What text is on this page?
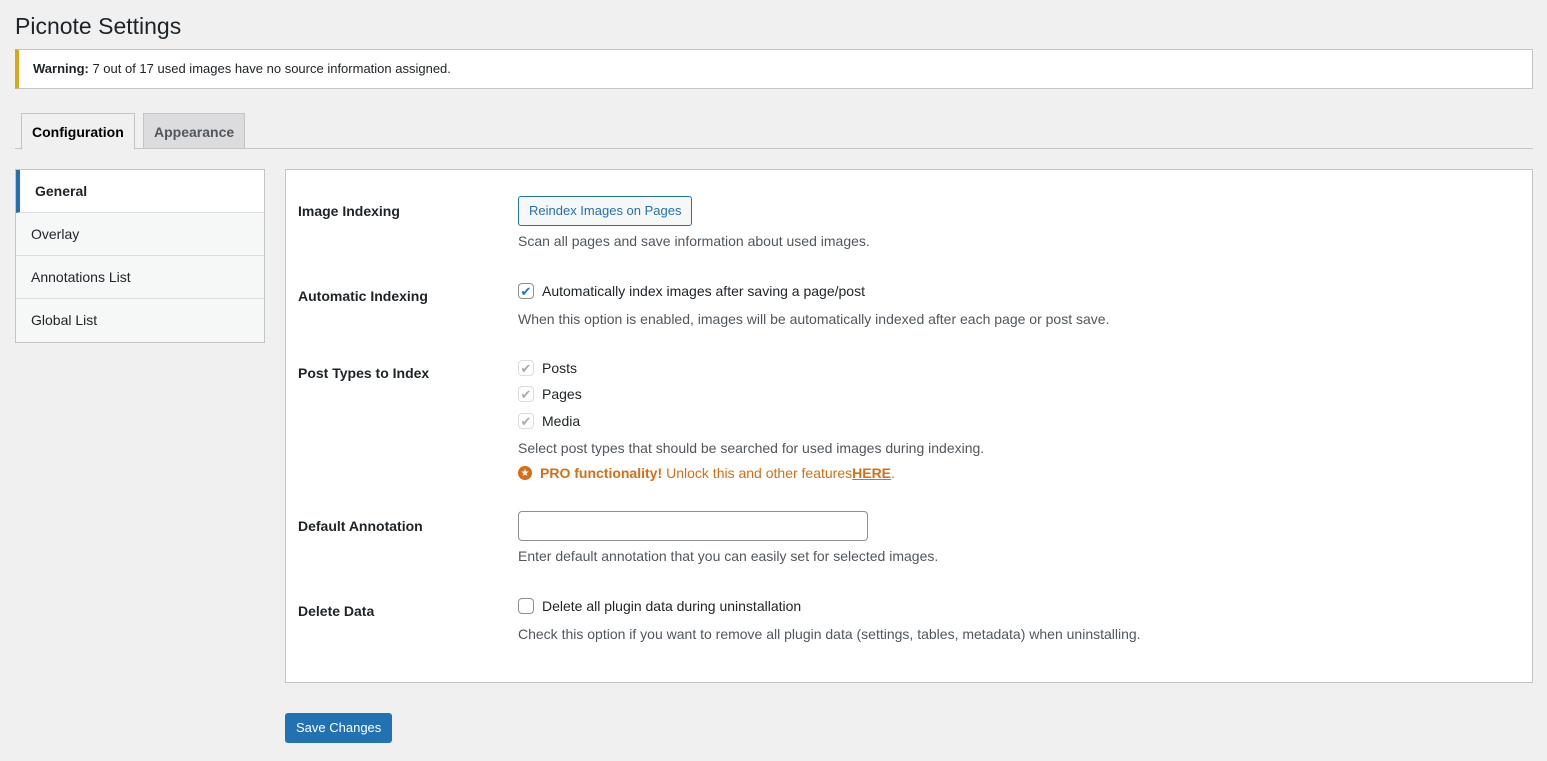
Picnote Settings
Warning: 7 out of 17 used images have no source information assigned.
Configuration	Appearance
General
Overlay
Annotations List
Global List
Image Indexing	Reindex Images on Pages
Scan all pages and save information about used images.
Automatic Indexing	✔ Automatically index images after saving a page/post
When this option is enabled, images will be automatically indexed after each page or post save.
Post Types to Index	✔ Posts
✔ Pages
✔ Media
Select post types that should be searched for used images during indexing.
★ PRO functionality! Unlock this and other features HERE .
Default Annotation
Enter default annotation that you can easily set for selected images.
Delete Data	Delete all plugin data during uninstallation
Check this option if you want to remove all plugin data (settings, tables, metadata) when uninstalling.
Save Changes
